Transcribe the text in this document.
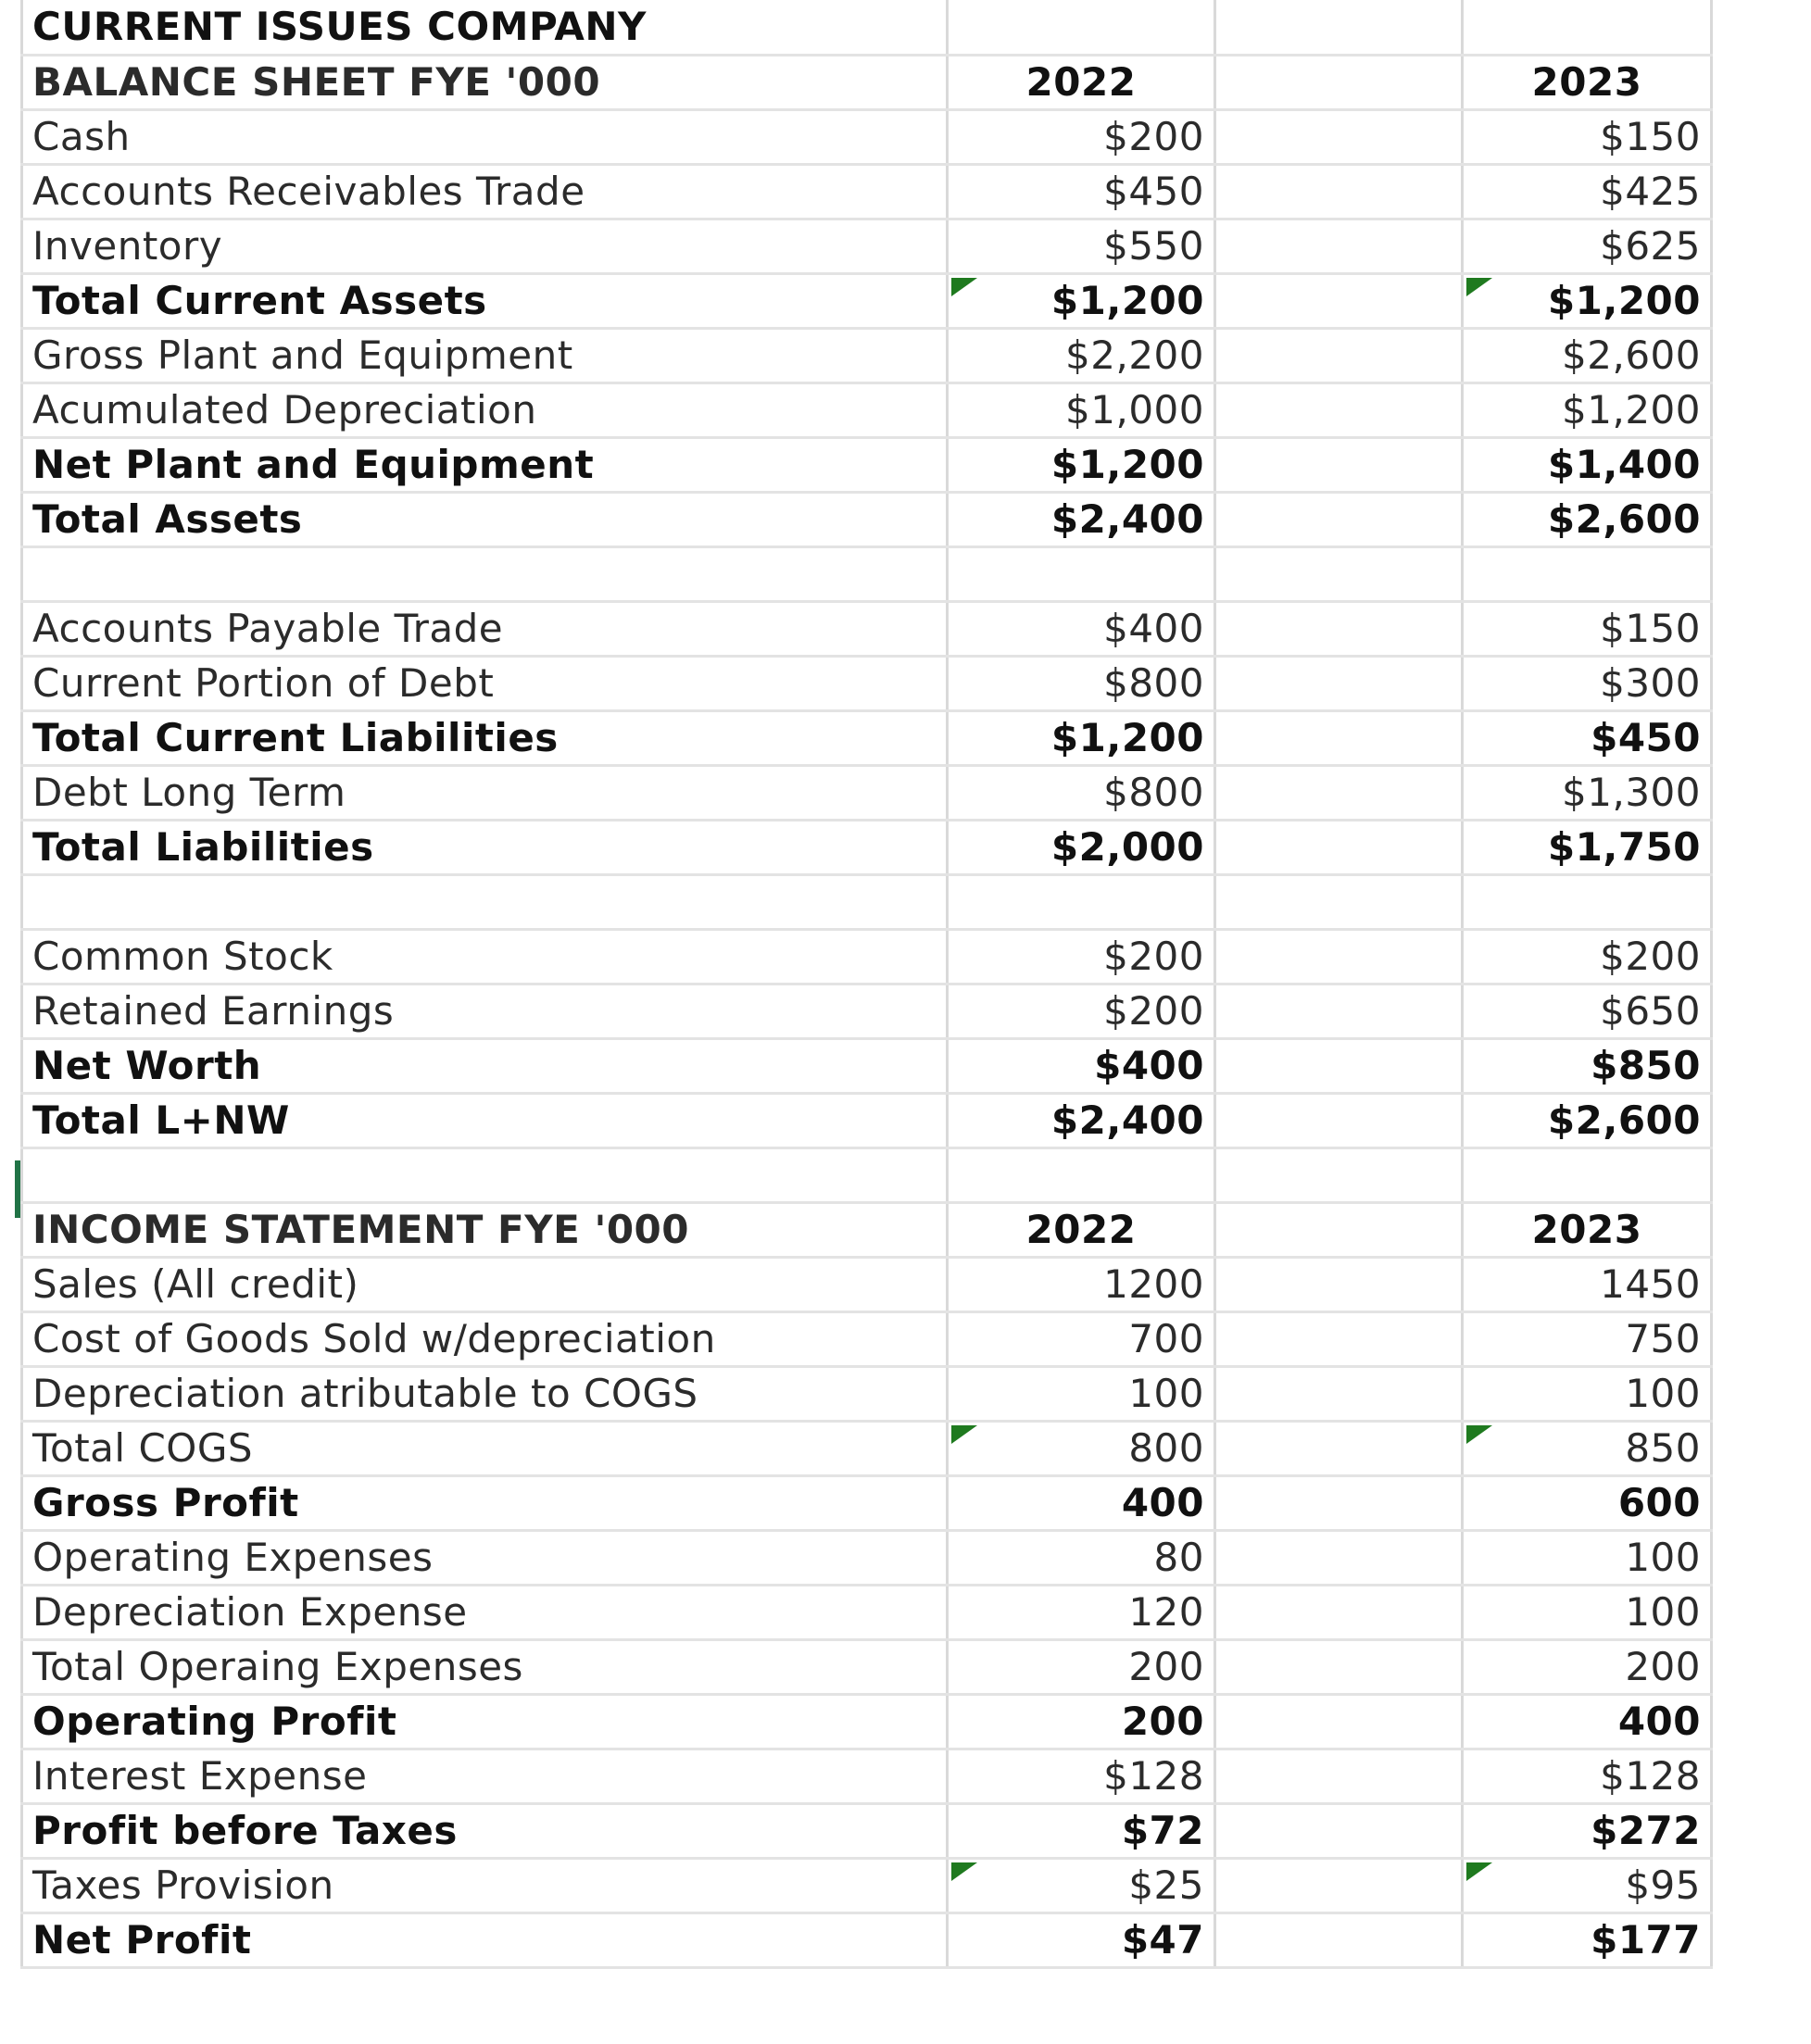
CURRENT ISSUES COMPANY			
BALANCE SHEET FYE '000	2022		2023
Cash	$200		$150
Accounts Receivables Trade	$450		$425
Inventory	$550		$625
Total Current Assets	$1,200		$1,200
Gross Plant and Equipment	$2,200		$2,600
Acumulated Depreciation	$1,000		$1,200
Net Plant and Equipment	$1,200		$1,400
Total Assets	$2,400		$2,600

Accounts Payable Trade	$400		$150
Current Portion of Debt	$800		$300
Total Current Liabilities	$1,200		$450
Debt Long Term	$800		$1,300
Total Liabilities	$2,000		$1,750

Common Stock	$200		$200
Retained Earnings	$200		$650
Net Worth	$400		$850
Total L+NW	$2,400		$2,600

INCOME STATEMENT FYE '000	2022		2023
Sales (All credit)	1200		1450
Cost of Goods Sold w/depreciation	700		750
Depreciation atributable to COGS	100		100
Total COGS	800		850
Gross Profit	400		600
Operating Expenses	80		100
Depreciation Expense	120		100
Total Operaing Expenses	200		200
Operating Profit	200		400
Interest Expense	$128		$128
Profit before Taxes	$72		$272
Taxes Provision	$25		$95
Net Profit	$47		$177
